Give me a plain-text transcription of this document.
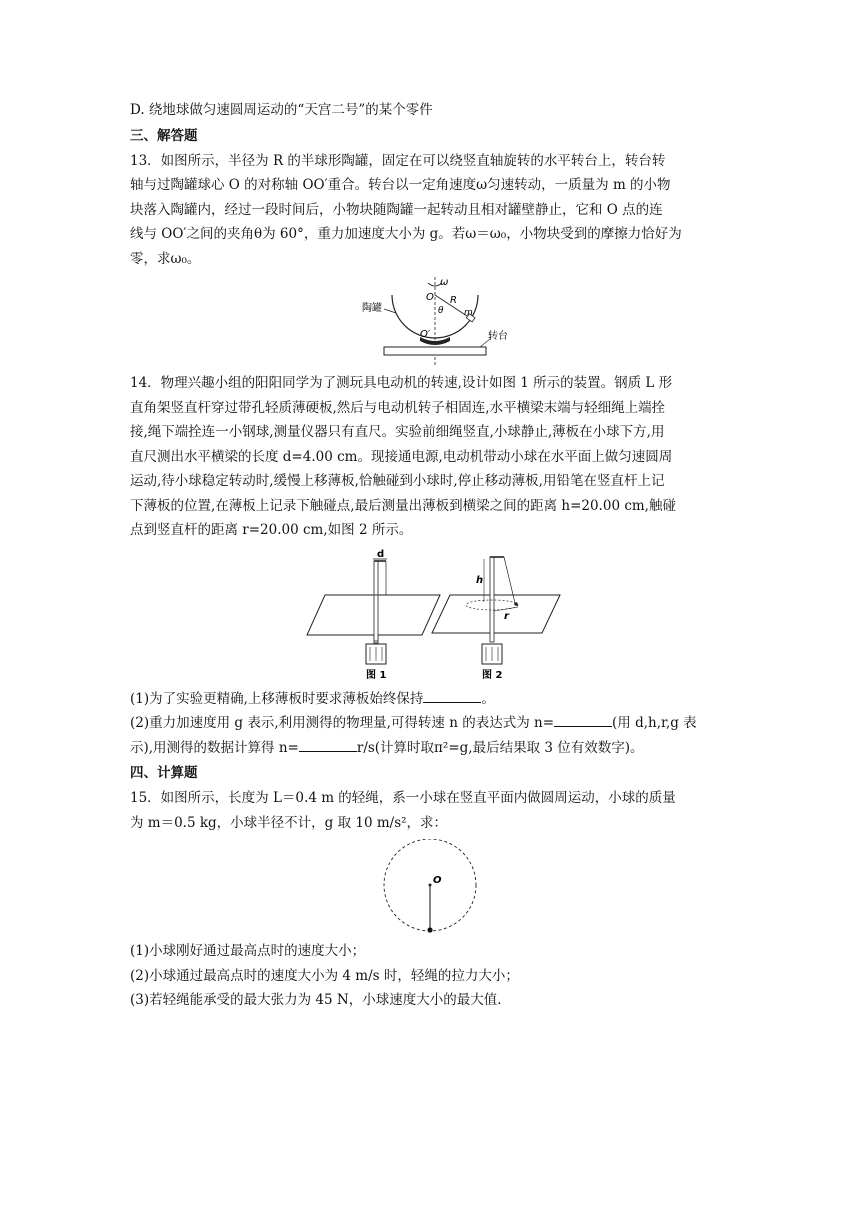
D. 绕地球做匀速圆周运动的“天宫二号”的某个零件

三、解答题

13．如图所示，半径为 R 的半球形陶罐，固定在可以绕竖直轴旋转的水平转台上，转台转

轴与过陶罐球心 O 的对称轴 OO′重合。转台以一定角速度ω匀速转动，一质量为 m 的小物

块落入陶罐内，经过一段时间后，小物块随陶罐一起转动且相对罐壁静止，它和 O 点的连

线与 OO′之间的夹角θ为 60°，重力加速度大小为 g。若ω＝ω₀，小物块受到的摩擦力恰好为

零，求ω₀。

ω
O R
m
θ
O′
陶罐
转台

14．物理兴趣小组的阳阳同学为了测玩具电动机的转速,设计如图 1 所示的装置。钢质 L 形

直角架竖直杆穿过带孔轻质薄硬板,然后与电动机转子相固连,水平横梁末端与轻细绳上端拴

接,绳下端拴连一小钢球,测量仪器只有直尺。实验前细绳竖直,小球静止,薄板在小球下方,用

直尺测出水平横梁的长度 d=4.00 cm。现接通电源,电动机带动小球在水平面上做匀速圆周

运动,待小球稳定转动时,缓慢上移薄板,恰触碰到小球时,停止移动薄板,用铅笔在竖直杆上记

下薄板的位置,在薄板上记录下触碰点,最后测量出薄板到横梁之间的距离 h=20.00 cm,触碰

点到竖直杆的距离 r=20.00 cm,如图 2 所示。

d
图 1
h
r
图 2

(1)为了实验更精确,上移薄板时要求薄板始终保持	。

(2)重力加速度用 g 表示,利用测得的物理量,可得转速 n 的表达式为 n=	(用 d,h,r,g 表

示),用测得的数据计算得 n=	r/s(计算时取π²=g,最后结果取 3 位有效数字)。

四、计算题

15．如图所示，长度为 L＝0.4 m 的轻绳，系一小球在竖直平面内做圆周运动，小球的质量

为 m＝0.5 kg，小球半径不计，g 取 10 m/s²，求：

O

(1)小球刚好通过最高点时的速度大小；

(2)小球通过最高点时的速度大小为 4 m/s 时，轻绳的拉力大小；

(3)若轻绳能承受的最大张力为 45 N，小球速度大小的最大值．
